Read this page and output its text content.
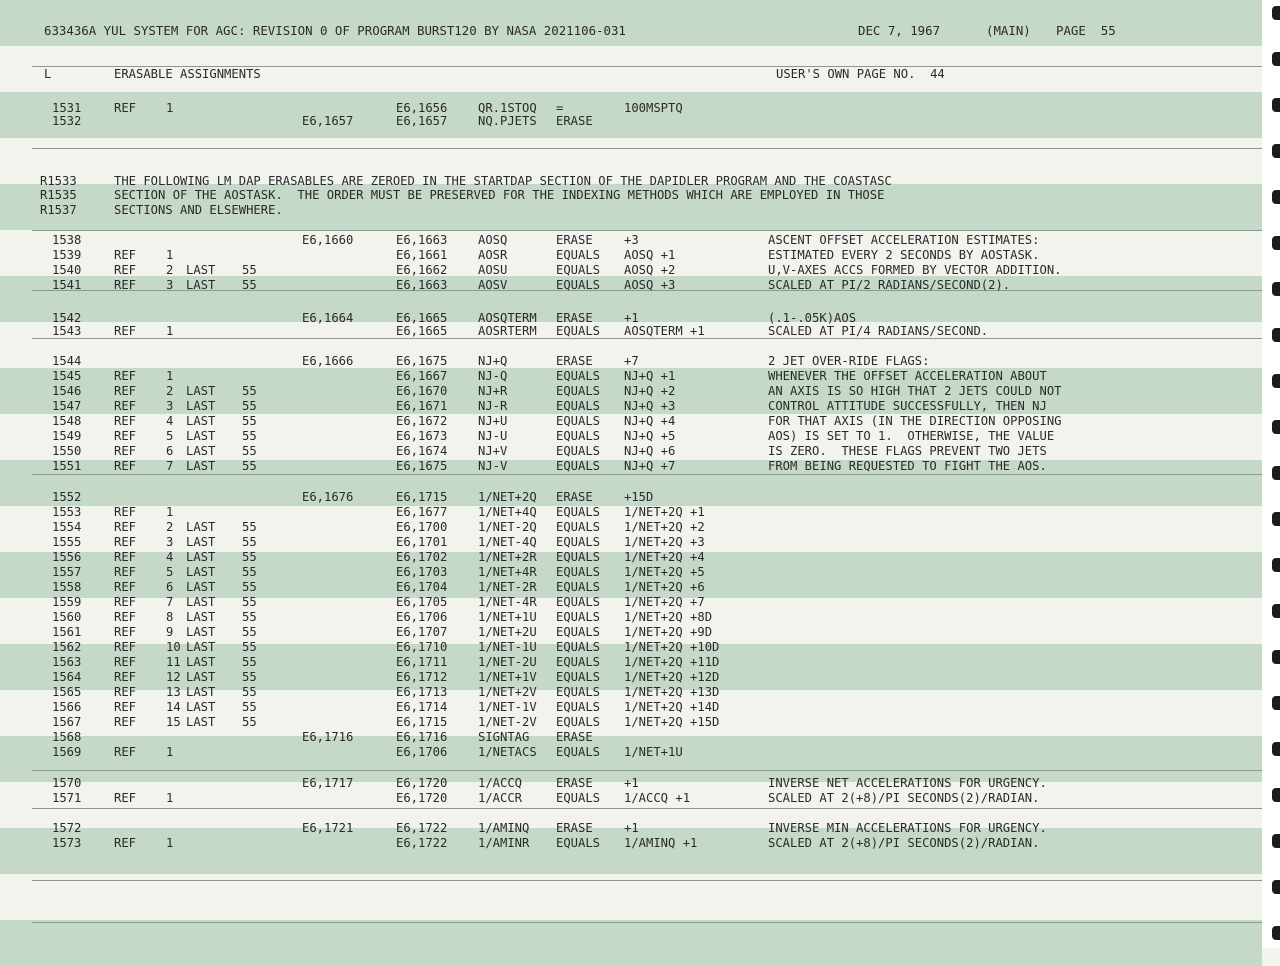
633436A YUL SYSTEM FOR AGC: REVISION 0 OF PROGRAM BURST120 BY NASA 2021106-031	DEC 7, 1967	(MAIN) PAGE  55
L	ERASABLE ASSIGNMENTS	USER'S OWN PAGE NO.  44
1531	REF 1	E6,1656	QR.1STOQ =	100MSPTQ
1532	E6,1657	E6,1657	NQ.PJETS ERASE
1538	E6,1660	E6,1663	AOSQ	ERASE	+3	ASCENT OFFSET ACCELERATION ESTIMATES:
1539	REF 1	E6,1661	AOSR	EQUALS AOSQ +1	ESTIMATED EVERY 2 SECONDS BY AOSTASK.
1540	REF 2 LAST 55	E6,1662	AOSU	EQUALS AOSQ +2	U,V-AXES ACCS FORMED BY VECTOR ADDITION.
1541	REF 3 LAST 55	E6,1663	AOSV	EQUALS AOSQ +3	SCALED AT PI/2 RADIANS/SECOND(2).
1542	E6,1664	E6,1665	AOSQTERM ERASE	+1	(.1-.05K)AOS
1543	REF 1	E6,1665	AOSRTERM EQUALS AOSQTERM +1	SCALED AT PI/4 RADIANS/SECOND.
1544	E6,1666	E6,1675	NJ+Q	ERASE	+7	2 JET OVER-RIDE FLAGS:
1545	REF 1	E6,1667	NJ-Q	EQUALS NJ+Q +1	WHENEVER THE OFFSET ACCELERATION ABOUT
1546	REF 2 LAST 55	E6,1670	NJ+R	EQUALS NJ+Q +2	AN AXIS IS SO HIGH THAT 2 JETS COULD NOT
1547	REF 3 LAST 55	E6,1671	NJ-R	EQUALS NJ+Q +3	CONTROL ATTITUDE SUCCESSFULLY, THEN NJ
1548	REF 4 LAST 55	E6,1672	NJ+U	EQUALS NJ+Q +4	FOR THAT AXIS (IN THE DIRECTION OPPOSING
1549	REF 5 LAST 55	E6,1673	NJ-U	EQUALS NJ+Q +5	AOS) IS SET TO 1.  OTHERWISE, THE VALUE
1550	REF 6 LAST 55	E6,1674	NJ+V	EQUALS NJ+Q +6	IS ZERO.  THESE FLAGS PREVENT TWO JETS
1551	REF 7 LAST 55	E6,1675	NJ-V	EQUALS NJ+Q +7	FROM BEING REQUESTED TO FIGHT THE AOS.
1552	E6,1676	E6,1715	1/NET+2Q ERASE	+15D
1553	REF 1	E6,1677	1/NET+4Q EQUALS 1/NET+2Q +1
1554	REF 2 LAST 55	E6,1700	1/NET-2Q EQUALS 1/NET+2Q +2
1555	REF 3 LAST 55	E6,1701	1/NET-4Q EQUALS 1/NET+2Q +3
1556	REF 4 LAST 55	E6,1702	1/NET+2R EQUALS 1/NET+2Q +4
1557	REF 5 LAST 55	E6,1703	1/NET+4R EQUALS 1/NET+2Q +5
1558	REF 6 LAST 55	E6,1704	1/NET-2R EQUALS 1/NET+2Q +6
1559	REF 7 LAST 55	E6,1705	1/NET-4R EQUALS 1/NET+2Q +7
1560	REF 8 LAST 55	E6,1706	1/NET+1U EQUALS 1/NET+2Q +8D
1561	REF 9 LAST 55	E6,1707	1/NET+2U EQUALS 1/NET+2Q +9D
1562	REF 10 LAST 55	E6,1710	1/NET-1U EQUALS 1/NET+2Q +10D
1563	REF 11 LAST 55	E6,1711	1/NET-2U EQUALS 1/NET+2Q +11D
1564	REF 12 LAST 55	E6,1712	1/NET+1V EQUALS 1/NET+2Q +12D
1565	REF 13 LAST 55	E6,1713	1/NET+2V EQUALS 1/NET+2Q +13D
1566	REF 14 LAST 55	E6,1714	1/NET-1V EQUALS 1/NET+2Q +14D
1567	REF 15 LAST 55	E6,1715	1/NET-2V EQUALS 1/NET+2Q +15D
1568	E6,1716	E6,1716	SIGNTAG ERASE
1569	REF 1	E6,1706	1/NETACS EQUALS 1/NET+1U
1570	E6,1717	E6,1720	1/ACCQ	ERASE	+1	INVERSE NET ACCELERATIONS FOR URGENCY.
1571	REF 1	E6,1720	1/ACCR	EQUALS 1/ACCQ +1	SCALED AT 2(+8)/PI SECONDS(2)/RADIAN.
1572	E6,1721	E6,1722	1/AMINQ ERASE	+1	INVERSE MIN ACCELERATIONS FOR URGENCY.
1573	REF 1	E6,1722	1/AMINR EQUALS 1/AMINQ +1	SCALED AT 2(+8)/PI SECONDS(2)/RADIAN.
R1533	THE FOLLOWING LM DAP ERASABLES ARE ZEROED IN THE STARTDAP SECTION OF THE DAPIDLER PROGRAM AND THE COASTASC
R1535	SECTION OF THE AOSTASK.  THE ORDER MUST BE PRESERVED FOR THE INDEXING METHODS WHICH ARE EMPLOYED IN THOSE
R1537	SECTIONS AND ELSEWHERE.
